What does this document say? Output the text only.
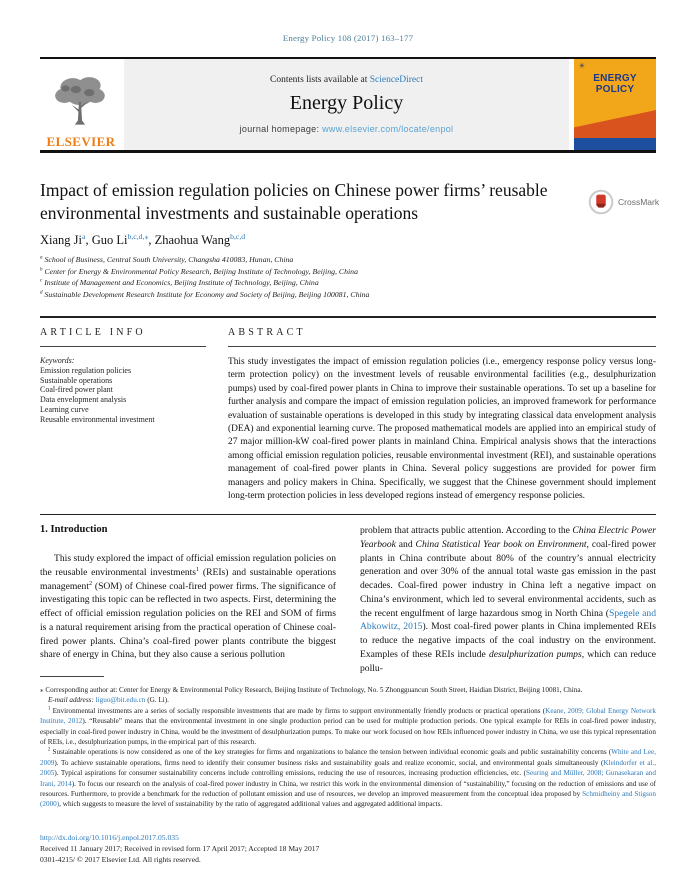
Energy Policy 108 (2017) 163–177
ELSEVIER
Contents lists available at ScienceDirect
Energy Policy
journal homepage: www.elsevier.com/locate/enpol
✳
ENERGY
POLICY
Impact of emission regulation policies on Chinese power firms’ reusable environmental investments and sustainable operations
CrossMark
Xiang Ji$^a$, Guo $Li^{b,c,d,⁎}$, Zhaohua Wang$^{b,c,d}$
$^a$ School of Business, Central South University, Changsha 410083, Hunan, China
$^b$ Center for Energy & Environmental Policy Research, Beijing Institute of Technology, Beijing, China
$^c$ Institute of Management and Economics, Beijing Institute of Technology, Beijing, China
$^d$ Sustainable Development Research Institute for Economy and Society of Beijing, Beijing 100081, China
ARTICLE INFO	ABSTRACT
Keywords:
Emission regulation policies
Sustainable operations
Coal-fired power plant
Data envelopment analysis
Learning curve
Reusable environmental investment
This study investigates the impact of emission regulation policies (i.e., emergency response policy versus long-term protection policy) on the investment levels of reusable environmental facilities (e.g., desulphurization pumps) used by coal-fired power plants in China to improve their sustainable operations. To set up a baseline for further analysis and compare the impact of emission regulation policies, an improved framework for performance evaluation of sustainable operations is developed in this study by integrating classical data envelopment analysis (DEA) and exponential learning curve. The proposed mathematical models are applied into an empirical study of 27 major million-kW coal-fired power plants in mainland China. Empirical analysis shows that the interactions among official emission regulation policies, reusable environmental investment (REI), and sustainable operations management of coal-fired power plants in China. Several policy suggestions are provided for power firm managers and policy makers in China. Specifically, we suggest that the Chinese government should implement long-term protection policies in less developed regions instead of emergency response policies.
1. Introduction
This study explored the impact of official emission regulation policies on the reusable environmental investments$^1$ (REIs) and sustainable operations management$^2$ (SOM) of Chinese coal-fired power firms. The significance of investigating this topic can be reflected in two aspects. First, determining the effect of official emission regulation policies on the REI and SOM of firms is a natural requirement arising from the practical operation of Chinese coal-fired power plants. China’s coal-fired power plants contribute the biggest share of energy in China, but they also cause a serious pollution
problem that attracts public attention. According to the China Electric Power Yearbook and China Statistical Year book on Environment, coal-fired power plants in China contribute about 80% of the country’s annual electricity generation and over 30% of the annual total waste gas emission in the past decades. Coal-fired power industry in China left a negative impact on China’s environment, which led to several environmental accidents, such as the recent engulfment of large hazardous smog in North China (Spegele and Abkowitz, 2015). Most coal-fired power plants in China implemented REIs to reduce the negative impacts of the coal industry on the environment. Examples of these REIs include desulphurization pumps, which can reduce pollu-

⁎ Corresponding author at: Center for Energy & Environmental Policy Research, Beijing Institute of Technology, No. 5 Zhongguancun South Street, Haidian District, Beijing 10081, China.

E-mail address: liguo@bit.edu.cn (G. Li).

$^1$ Environmental investments are a series of socially responsible investments that are made by firms to support environmentally friendly products or practical operations (Keane, 2009; Global Energy Network Institute, 2012). “Reusable” means that the environmental investment in one single production period can be used for multiple production periods. One typical example for REIs in coal-fired power industry, especially in coal-fired power industry in China, would be the investment of desulphurization pumps. To make our work focused on how REIs influenced power industry in China, we use this typical representation of REIs, i.e., desulphurization pumps, in the empirical part of this research.

$^2$ Sustainable operations is now considered as one of the key strategies for firms and organizations to balance the tension between individual economic goals and public sustainability concerns (White and Lee, 2009). To achieve sustainable operations, firms need to identify their consumer business risks and sustainability goals and realize economic, social, and environmental goals simultaneously (Kleindorfer et al., 2005). Typical aspirations for consumer sustainability concerns include controlling emissions, reducing the use of resources, increasing production efficiencies, etc. (Seuring and Müller, 2008; Gunasekaran and Irani, 2014). To focus our research on the analysis of coal-fired power industry in China, we restrict this work in the environmental dimension of “sustainability,” focusing on the reduction of emissions and use of resources. Furthermore, to provide a benchmark for the reduction of pollutant emission and use of resources, we develop an improved measurement from the conceptual idea proposed by Schmidheiny and Stigson (2000), which suggests to measure the level of sustainability by the ratio of aggregated additional values and aggregated additional impacts.

http://dx.doi.org/10.1016/j.enpol.2017.05.035
Received 11 January 2017; Received in revised form 17 April 2017; Accepted 18 May 2017
0301-4215/ © 2017 Elsevier Ltd. All rights reserved.
